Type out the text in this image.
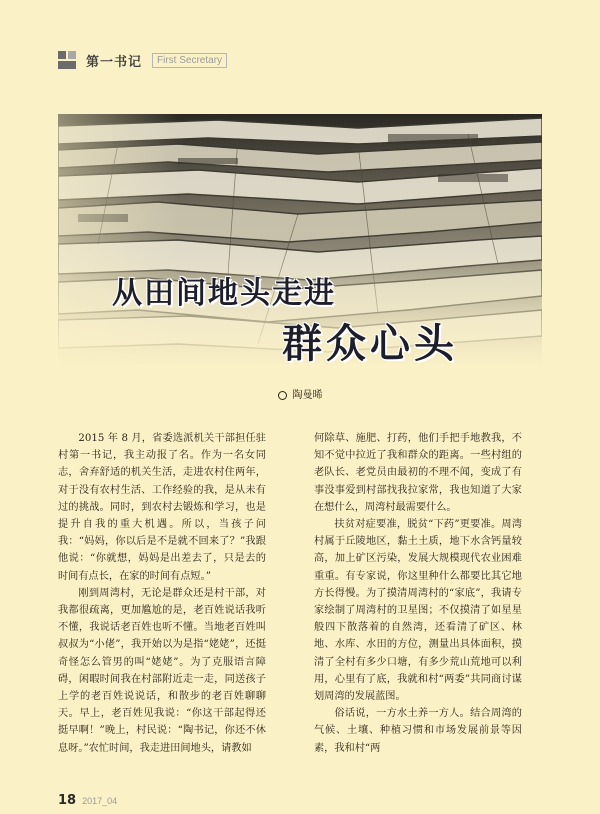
第一书记	First Secretary
从田间地头走进
群众心头
陶曼晞

2015 年 8 月，省委选派机关干部担任驻村第一书记，我主动报了名。作为一名女同志，舍弃舒适的机关生活，走进农村住两年，对于没有农村生活、工作经验的我，是从未有过的挑战。同时，到农村去锻炼和学习，也是提升自我的重大机遇。所以，当孩子问我：“妈妈，你以后是不是就不回来了？”我跟他说：“你就想，妈妈是出差去了，只是去的时间有点长，在家的时间有点短。”

刚到周湾村，无论是群众还是村干部，对我都很疏离，更加尴尬的是，老百姓说话我听不懂，我说话老百姓也听不懂。当地老百姓叫叔叔为“小佬”，我开始以为是指“姥姥”，还挺奇怪怎么管男的叫“姥姥”。为了克服语言障碍，闲暇时间我在村部附近走一走，同送孩子上学的老百姓说说话，和散步的老百姓聊聊天。早上，老百姓见我说：“你这干部起得还挺早啊！”晚上，村民说：“陶书记，你还不休息呀。”农忙时间，我走进田间地头，请教如

何除草、施肥、打药，他们手把手地教我，不知不觉中拉近了我和群众的距离。一些村组的老队长、老党员由最初的不理不闻，变成了有事没事爱到村部找我拉家常，我也知道了大家在想什么，周湾村最需要什么。

扶贫对症要准，脱贫“下药”更要准。周湾村属于丘陵地区，黏土土质，地下水含钙量较高，加上矿区污染，发展大规模现代农业困难重重。有专家说，你这里种什么都要比其它地方长得慢。为了摸清周湾村的“家底”，我请专家绘制了周湾村的卫星图；不仅摸清了如星星般四下散落着的自然湾，还看清了矿区、林地、水库、水田的方位，测量出具体面积，摸清了全村有多少口塘，有多少荒山荒地可以利用，心里有了底，我就和村“两委”共同商讨谋划周湾的发展蓝图。

俗话说，一方水土养一方人。结合周湾的气候、土壤、种植习惯和市场发展前景等因素，我和村“两

18 2017_04
